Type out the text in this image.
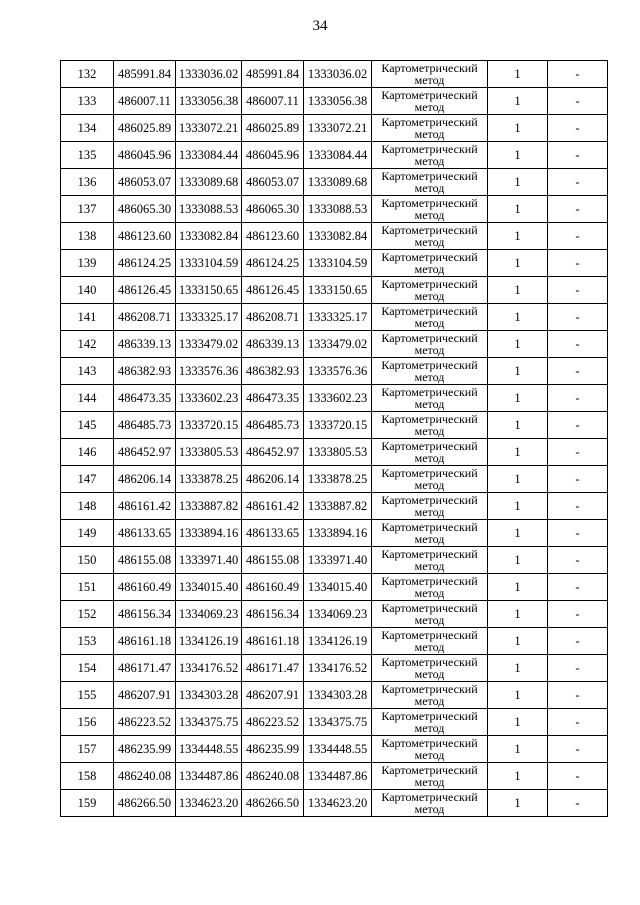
34
132	485991.84	1333036.02	485991.84	1333036.02	Картометрический метод	1	-
133	486007.11	1333056.38	486007.11	1333056.38	Картометрический метод	1	-
134	486025.89	1333072.21	486025.89	1333072.21	Картометрический метод	1	-
135	486045.96	1333084.44	486045.96	1333084.44	Картометрический метод	1	-
136	486053.07	1333089.68	486053.07	1333089.68	Картометрический метод	1	-
137	486065.30	1333088.53	486065.30	1333088.53	Картометрический метод	1	-
138	486123.60	1333082.84	486123.60	1333082.84	Картометрический метод	1	-
139	486124.25	1333104.59	486124.25	1333104.59	Картометрический метод	1	-
140	486126.45	1333150.65	486126.45	1333150.65	Картометрический метод	1	-
141	486208.71	1333325.17	486208.71	1333325.17	Картометрический метод	1	-
142	486339.13	1333479.02	486339.13	1333479.02	Картометрический метод	1	-
143	486382.93	1333576.36	486382.93	1333576.36	Картометрический метод	1	-
144	486473.35	1333602.23	486473.35	1333602.23	Картометрический метод	1	-
145	486485.73	1333720.15	486485.73	1333720.15	Картометрический метод	1	-
146	486452.97	1333805.53	486452.97	1333805.53	Картометрический метод	1	-
147	486206.14	1333878.25	486206.14	1333878.25	Картометрический метод	1	-
148	486161.42	1333887.82	486161.42	1333887.82	Картометрический метод	1	-
149	486133.65	1333894.16	486133.65	1333894.16	Картометрический метод	1	-
150	486155.08	1333971.40	486155.08	1333971.40	Картометрический метод	1	-
151	486160.49	1334015.40	486160.49	1334015.40	Картометрический метод	1	-
152	486156.34	1334069.23	486156.34	1334069.23	Картометрический метод	1	-
153	486161.18	1334126.19	486161.18	1334126.19	Картометрический метод	1	-
154	486171.47	1334176.52	486171.47	1334176.52	Картометрический метод	1	-
155	486207.91	1334303.28	486207.91	1334303.28	Картометрический метод	1	-
156	486223.52	1334375.75	486223.52	1334375.75	Картометрический метод	1	-
157	486235.99	1334448.55	486235.99	1334448.55	Картометрический метод	1	-
158	486240.08	1334487.86	486240.08	1334487.86	Картометрический метод	1	-
159	486266.50	1334623.20	486266.50	1334623.20	Картометрический метод	1	-
